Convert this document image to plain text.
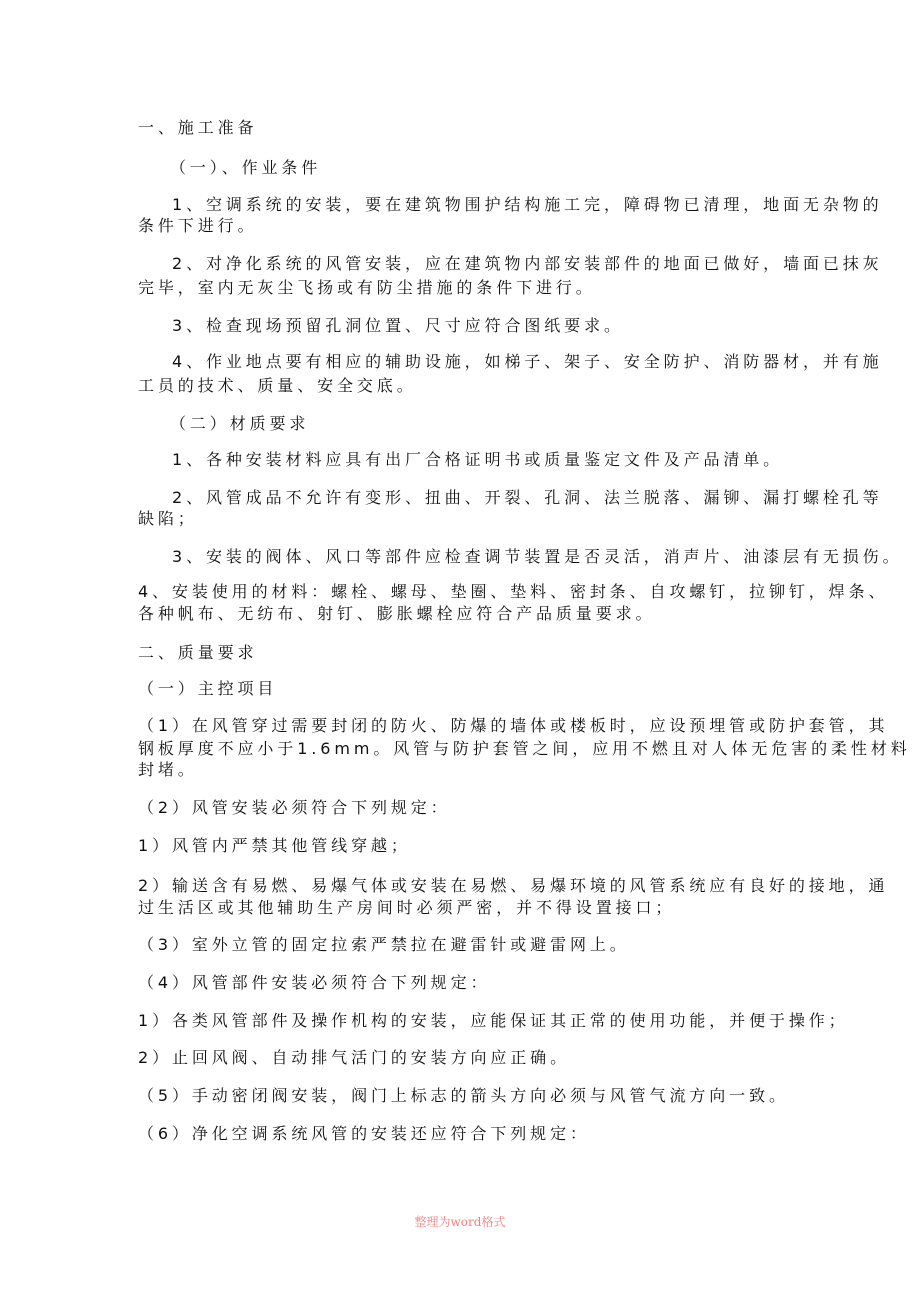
一、施工准备
（一）、作业条件
1、空调系统的安装，要在建筑物围护结构施工完，障碍物已清理，地面无杂物的
条件下进行。
2、对净化系统的风管安装，应在建筑物内部安装部件的地面已做好，墙面已抹灰
完毕，室内无灰尘飞扬或有防尘措施的条件下进行。
3、检查现场预留孔洞位置、尺寸应符合图纸要求。
4、作业地点要有相应的辅助设施，如梯子、架子、安全防护、消防器材，并有施
工员的技术、质量、安全交底。
（二）材质要求
1、各种安装材料应具有出厂合格证明书或质量鉴定文件及产品清单。
2、风管成品不允许有变形、扭曲、开裂、孔洞、法兰脱落、漏铆、漏打螺栓孔等
缺陷；
3、安装的阀体、风口等部件应检查调节装置是否灵活，消声片、油漆层有无损伤。
4、安装使用的材料：螺栓、螺母、垫圈、垫料、密封条、自攻螺钉，拉铆钉，焊条、
各种帆布、无纺布、射钉、膨胀螺栓应符合产品质量要求。
二、质量要求
（一）主控项目
（1）在风管穿过需要封闭的防火、防爆的墙体或楼板时，应设预埋管或防护套管，其
钢板厚度不应小于1.6mm。风管与防护套管之间，应用不燃且对人体无危害的柔性材料
封堵。
（2）风管安装必须符合下列规定：
1）风管内严禁其他管线穿越；
2）输送含有易燃、易爆气体或安装在易燃、易爆环境的风管系统应有良好的接地，通
过生活区或其他辅助生产房间时必须严密，并不得设置接口；
（3）室外立管的固定拉索严禁拉在避雷针或避雷网上。
（4）风管部件安装必须符合下列规定：
1）各类风管部件及操作机构的安装，应能保证其正常的使用功能，并便于操作；
2）止回风阀、自动排气活门的安装方向应正确。
（5）手动密闭阀安装，阀门上标志的箭头方向必须与风管气流方向一致。
（6）净化空调系统风管的安装还应符合下列规定：
整理为word格式
